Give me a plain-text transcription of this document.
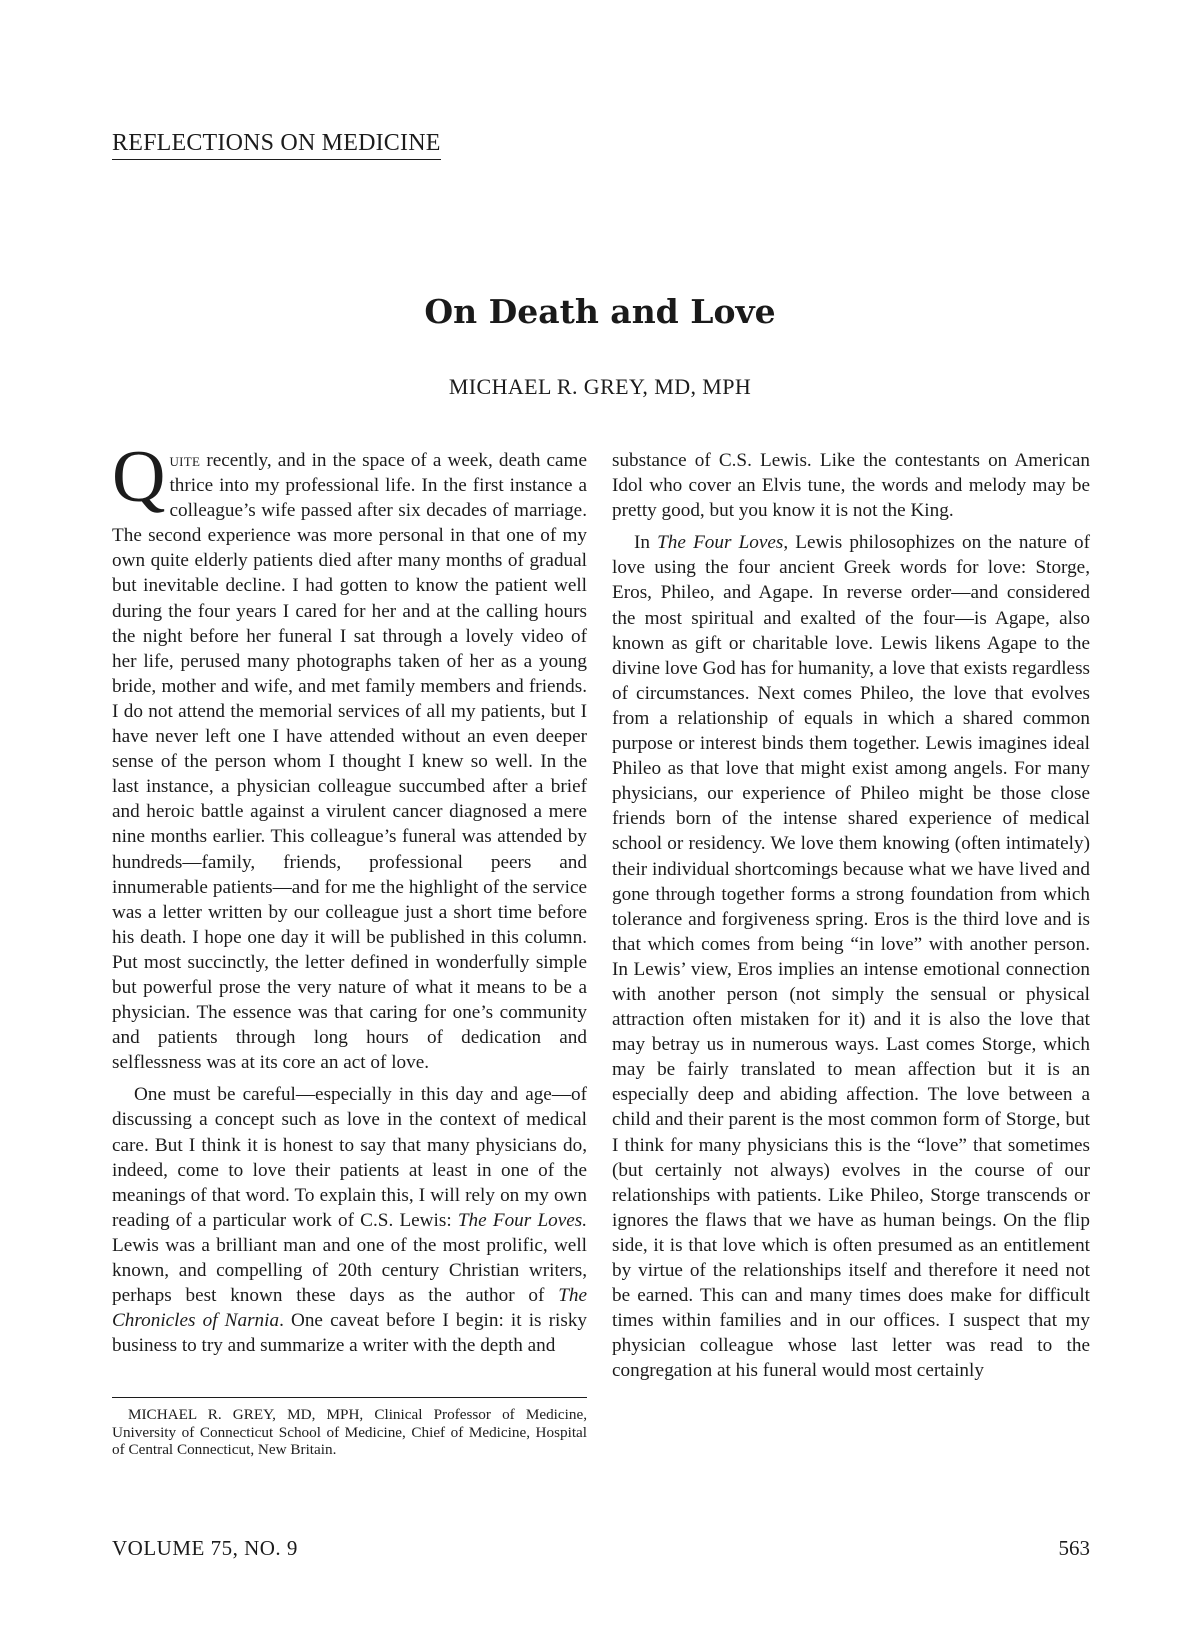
REFLECTIONS ON MEDICINE
On Death and Love
MICHAEL R. GREY, MD, MPH

Quite recently, and in the space of a week, death came thrice into my professional life. In the first instance a colleague’s wife passed after six decades of marriage. The second experience was more personal in that one of my own quite elderly patients died after many months of gradual but inevitable decline. I had gotten to know the patient well during the four years I cared for her and at the calling hours the night before her funeral I sat through a lovely video of her life, perused many photographs taken of her as a young bride, mother and wife, and met family members and friends. I do not attend the memorial services of all my patients, but I have never left one I have attended without an even deeper sense of the person whom I thought I knew so well. In the last instance, a physician colleague succumbed after a brief and heroic battle against a virulent cancer diagnosed a mere nine months earlier. This colleague’s funeral was attended by hundreds—family, friends, professional peers and innumerable patients—and for me the highlight of the service was a letter written by our colleague just a short time before his death. I hope one day it will be published in this column. Put most succinctly, the letter defined in wonderfully simple but powerful prose the very nature of what it means to be a physician. The essence was that caring for one’s community and patients through long hours of dedication and selflessness was at its core an act of love.

One must be careful—especially in this day and age—of discussing a concept such as love in the context of medical care. But I think it is honest to say that many physicians do, indeed, come to love their patients at least in one of the meanings of that word. To explain this, I will rely on my own reading of a particular work of C.S. Lewis: The Four Loves. Lewis was a brilliant man and one of the most prolific, well known, and compelling of 20th century Christian writers, perhaps best known these days as the author of The Chronicles of Narnia. One caveat before I begin: it is risky business to try and summarize a writer with the depth and

MICHAEL R. GREY, MD, MPH, Clinical Professor of Medicine, University of Connecticut School of Medicine, Chief of Medicine, Hospital of Central Connecticut, New Britain.

substance of C.S. Lewis. Like the contestants on American Idol who cover an Elvis tune, the words and melody may be pretty good, but you know it is not the King.

In The Four Loves, Lewis philosophizes on the nature of love using the four ancient Greek words for love: Storge, Eros, Phileo, and Agape. In reverse order—and considered the most spiritual and exalted of the four—is Agape, also known as gift or charitable love. Lewis likens Agape to the divine love God has for humanity, a love that exists regardless of circumstances. Next comes Phileo, the love that evolves from a relationship of equals in which a shared common purpose or interest binds them together. Lewis imagines ideal Phileo as that love that might exist among angels. For many physicians, our experience of Phileo might be those close friends born of the intense shared experience of medical school or residency. We love them knowing (often intimately) their individual shortcomings because what we have lived and gone through together forms a strong foundation from which tolerance and forgiveness spring. Eros is the third love and is that which comes from being “in love” with another person. In Lewis’ view, Eros implies an intense emotional connection with another person (not simply the sensual or physical attraction often mistaken for it) and it is also the love that may betray us in numerous ways. Last comes Storge, which may be fairly translated to mean affection but it is an especially deep and abiding affection. The love between a child and their parent is the most common form of Storge, but I think for many physicians this is the “love” that sometimes (but certainly not always) evolves in the course of our relationships with patients. Like Phileo, Storge transcends or ignores the flaws that we have as human beings. On the flip side, it is that love which is often presumed as an entitlement by virtue of the relationships itself and therefore it need not be earned. This can and many times does make for difficult times within families and in our offices. I suspect that my physician colleague whose last letter was read to the congregation at his funeral would most certainly

VOLUME 75, NO. 9	563
